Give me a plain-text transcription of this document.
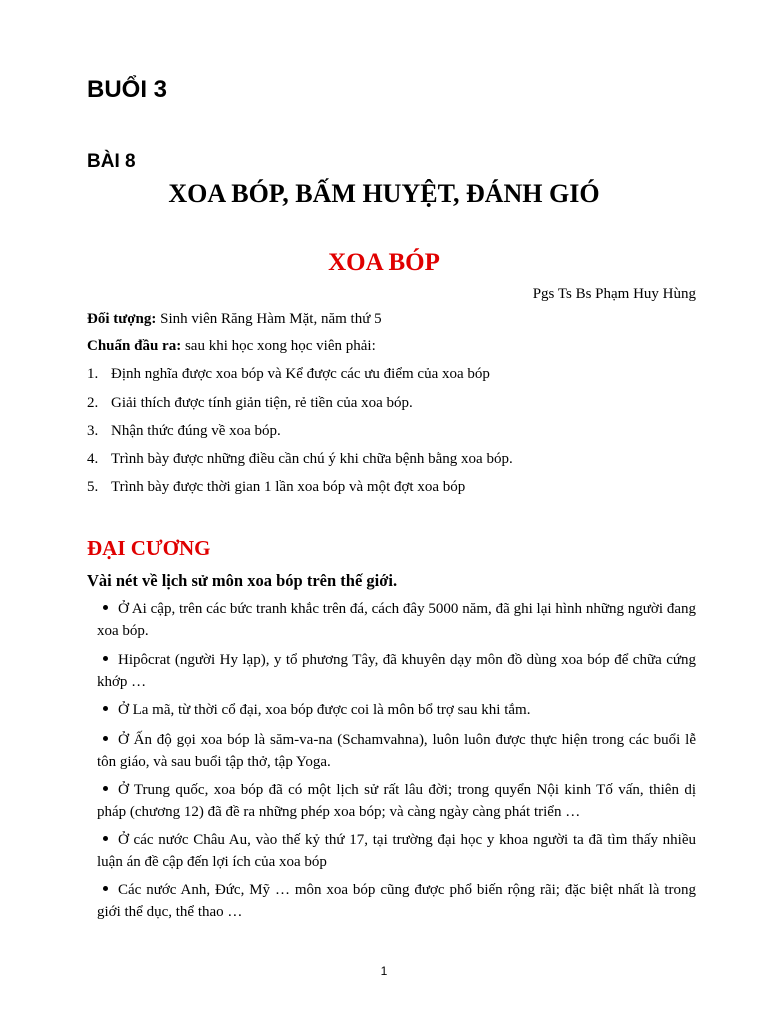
BUỔI 3
BÀI 8
XOA BÓP, BẤM HUYỆT, ĐÁNH GIÓ
XOA BÓP
Pgs Ts Bs Phạm Huy Hùng
Đối tượng: Sinh viên Răng Hàm Mặt, năm thứ 5
Chuẩn đầu ra: sau khi học xong học viên phải:
1. Định nghĩa được xoa bóp và Kể được các ưu điểm của xoa bóp
2. Giải thích được tính giản tiện, rẻ tiền của xoa bóp.
3. Nhận thức đúng về xoa bóp.
4. Trình bày được những điều cần chú ý khi chữa bệnh bằng xoa bóp.
5. Trình bày được thời gian 1 lần xoa bóp và một đợt xoa bóp
ĐẠI CƯƠNG
Vài nét về lịch sử môn xoa bóp trên thế giới.
Ở Ai cập, trên các bức tranh khắc trên đá, cách đây 5000 năm, đã ghi lại hình những người đang xoa bóp.
Hipôcrat (người Hy lạp), y tổ phương Tây, đã khuyên dạy môn đồ dùng xoa bóp để chữa cứng khớp …
Ở La mã, từ thời cổ đại, xoa bóp được coi là môn bổ trợ sau khi tắm.
Ở Ấn độ gọi xoa bóp là săm-va-na (Schamvahna), luôn luôn được thực hiện trong các buổi lễ tôn giáo, và sau buổi tập thở, tập Yoga.
Ở Trung quốc, xoa bóp đã có một lịch sử rất lâu đời; trong quyển Nội kinh Tố vấn, thiên dị pháp (chương 12) đã đề ra những phép xoa bóp; và càng ngày càng phát triển …
Ở các nước Châu Au, vào thế kỷ thứ 17, tại trường đại học y khoa người ta đã tìm thấy nhiều luận án đề cập đến lợi ích của xoa bóp
Các nước Anh, Đức, Mỹ … môn xoa bóp cũng được phổ biến rộng rãi; đặc biệt nhất là trong giới thể dục, thể thao …
1
